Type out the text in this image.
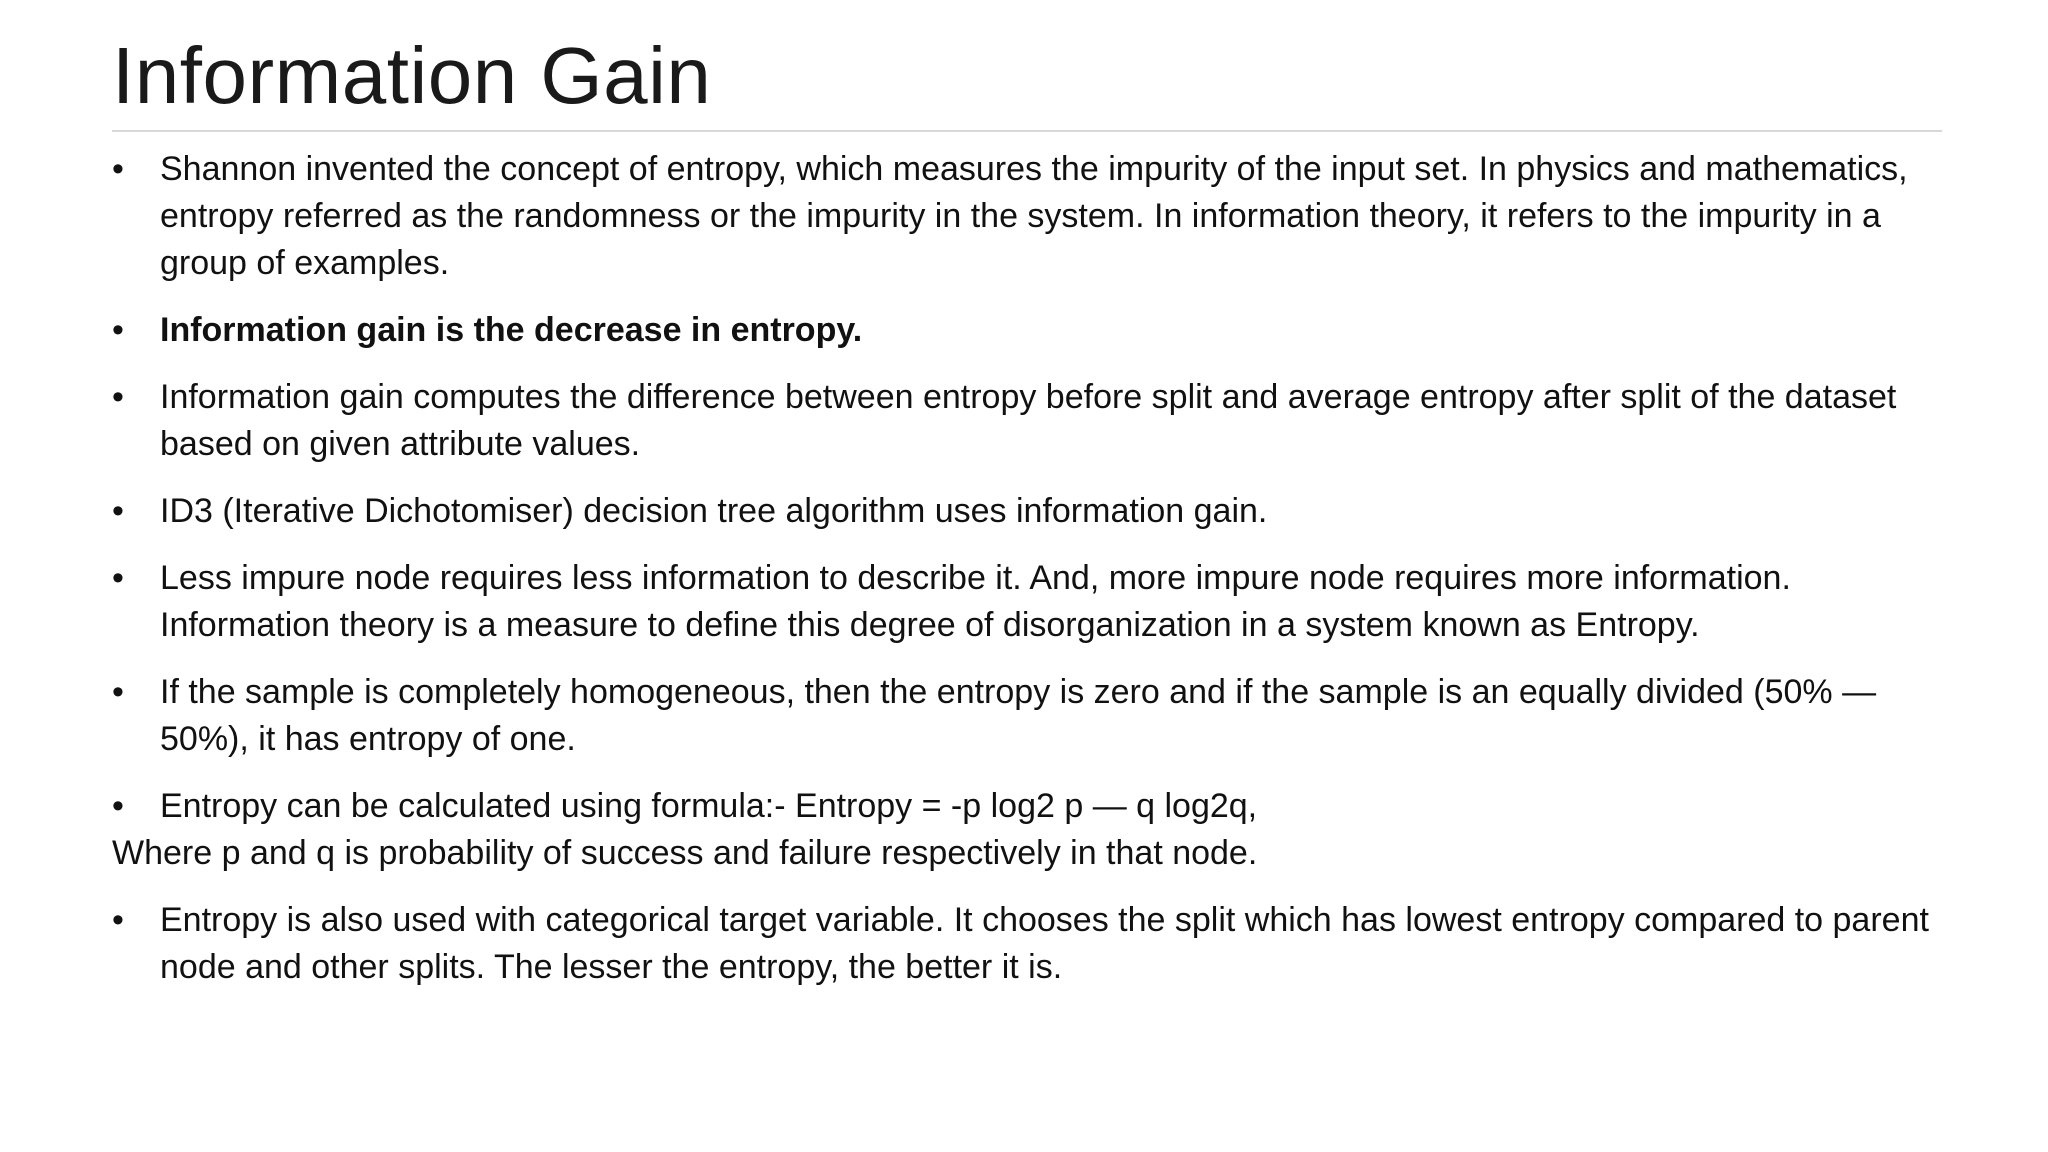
Information Gain
•	Shannon invented the concept of entropy, which measures the impurity of the input set. In physics and mathematics, entropy referred as the randomness or the impurity in the system. In information theory, it refers to the impurity in a group of examples.
•	Information gain is the decrease in entropy.
•	Information gain computes the difference between entropy before split and average entropy after split of the dataset based on given attribute values.
•	ID3 (Iterative Dichotomiser) decision tree algorithm uses information gain.
•	Less impure node requires less information to describe it. And, more impure node requires more information. Information theory is a measure to define this degree of disorganization in a system known as Entropy.
•	If the sample is completely homogeneous, then the entropy is zero and if the sample is an equally divided (50% — 50%), it has entropy of one.
•	Entropy can be calculated using formula:- Entropy = -p log2 p — q log2q,
Where p and q is probability of success and failure respectively in that node.
•	Entropy is also used with categorical target variable. It chooses the split which has lowest entropy compared to parent node and other splits. The lesser the entropy, the better it is.
